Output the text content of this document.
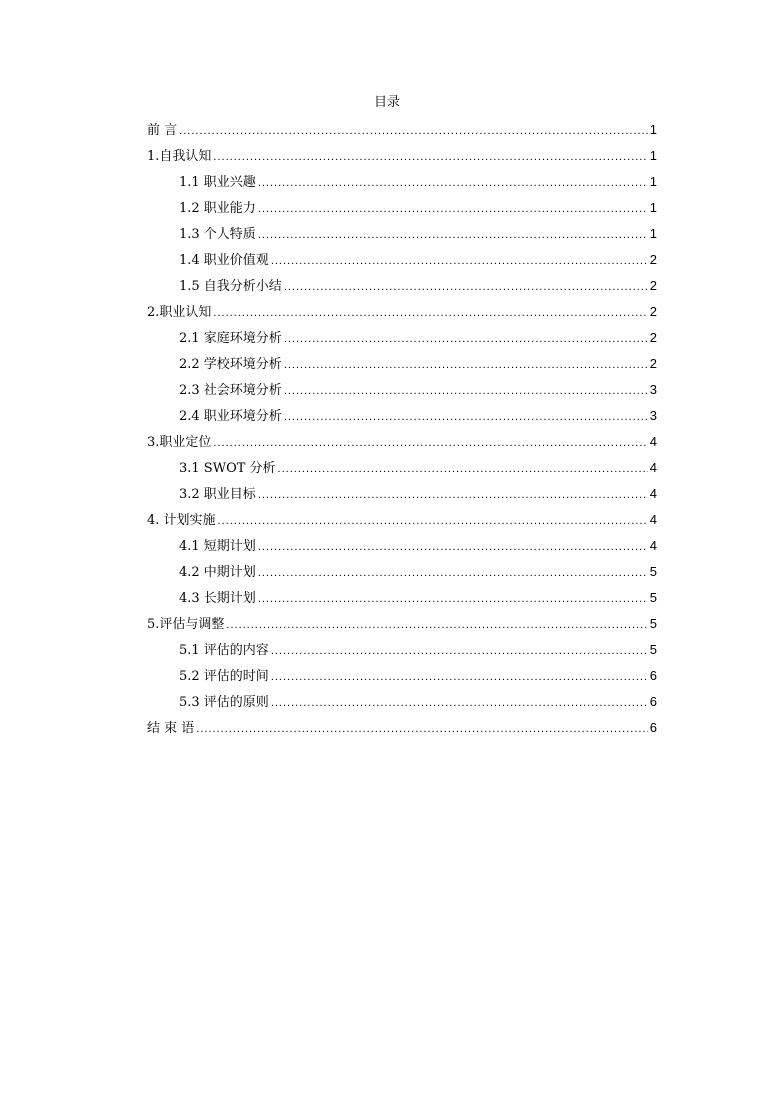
目录
前 言 .....	1
1.自我认知 .....	1
1.1 职业兴趣 .....	1
1.2 职业能力 .....	1
1.3 个人特质 .....	1
1.4 职业价值观 .....	2
1.5 自我分析小结 .....	2
2.职业认知 .....	2
2.1 家庭环境分析 .....	2
2.2 学校环境分析 .....	2
2.3 社会环境分析 .....	3
2.4 职业环境分析 .....	3
3.职业定位 .....	4
3.1 SWOT 分析 .....	4
3.2 职业目标 .....	4
4. 计划实施 .....	4
4.1 短期计划 .....	4
4.2 中期计划 .....	5
4.3 长期计划 .....	5
5.评估与调整 .....	5
5.1 评估的内容 .....	5
5.2 评估的时间 .....	6
5.3 评估的原则 .....	6
结 束 语 .....	6
